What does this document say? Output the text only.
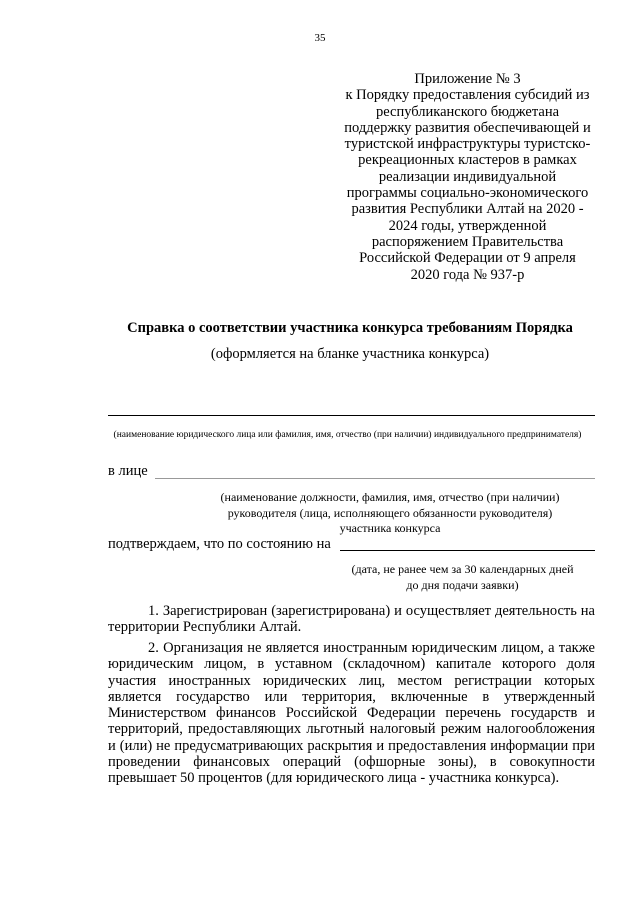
35
Приложение № 3
к Порядку предоставления субсидий из
республиканского бюджетана
поддержку развития обеспечивающей и
туристской инфраструктуры туристско-
рекреационных кластеров в рамках
реализации индивидуальной
программы социально-экономического
развития Республики Алтай на 2020 -
2024 годы, утвержденной
распоряжением Правительства
Российской Федерации от 9 апреля
2020 года № 937-р
Справка о соответствии участника конкурса требованиям Порядка
(оформляется на бланке участника конкурса)
(наименование юридического лица или фамилия, имя, отчество (при наличии) индивидуального предпринимателя)
в лице
(наименование должности, фамилия, имя, отчество (при наличии) руководителя (лица, исполняющего обязанности руководителя) участника конкурса
подтверждаем, что по состоянию на
(дата, не ранее чем за 30 календарных дней
до дня подачи заявки)
1. Зарегистрирован (зарегистрирована) и осуществляет деятельность на территории Республики Алтай.
2. Организация не является иностранным юридическим лицом, а также юридическим лицом, в уставном (складочном) капитале которого доля участия иностранных юридических лиц, местом регистрации которых является государство или территория, включенные в утвержденный Министерством финансов Российской Федерации перечень государств и территорий, предоставляющих льготный налоговый режим налогообложения и (или) не предусматривающих раскрытия и предоставления информации при проведении финансовых операций (офшорные зоны), в совокупности превышает 50 процентов (для юридического лица - участника конкурса).
